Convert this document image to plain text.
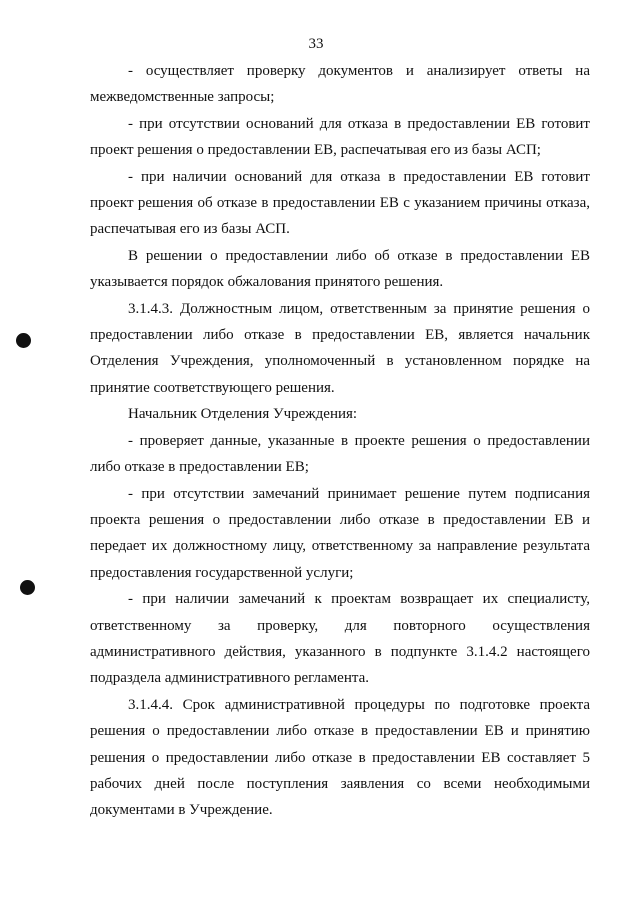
33

- осуществляет проверку документов и анализирует ответы на межведомственные запросы;

- при отсутствии оснований для отказа в предоставлении ЕВ готовит проект решения о предоставлении ЕВ, распечатывая его из базы АСП;

- при наличии оснований для отказа в предоставлении ЕВ готовит проект решения об отказе в предоставлении ЕВ с указанием причины отказа, распечатывая его из базы АСП.

В решении о предоставлении либо об отказе в предоставлении ЕВ указывается порядок обжалования принятого решения.

3.1.4.3. Должностным лицом, ответственным за принятие решения о предоставлении либо отказе в предоставлении ЕВ, является начальник Отделения Учреждения, уполномоченный в установленном порядке на принятие соответствующего решения.

Начальник Отделения Учреждения:

- проверяет данные, указанные в проекте решения о предоставлении либо отказе в предоставлении ЕВ;

- при отсутствии замечаний принимает решение путем подписания проекта решения о предоставлении либо отказе в предоставлении ЕВ и передает их должностному лицу, ответственному за направление результата предоставления государственной услуги;

- при наличии замечаний к проектам возвращает их специалисту, ответственному за проверку, для повторного осуществления административного действия, указанного в подпункте 3.1.4.2 настоящего подраздела административного регламента.

3.1.4.4. Срок административной процедуры по подготовке проекта решения о предоставлении либо отказе в предоставлении ЕВ и принятию решения о предоставлении либо отказе в предоставлении ЕВ составляет 5 рабочих дней после поступления заявления со всеми необходимыми документами в Учреждение.
